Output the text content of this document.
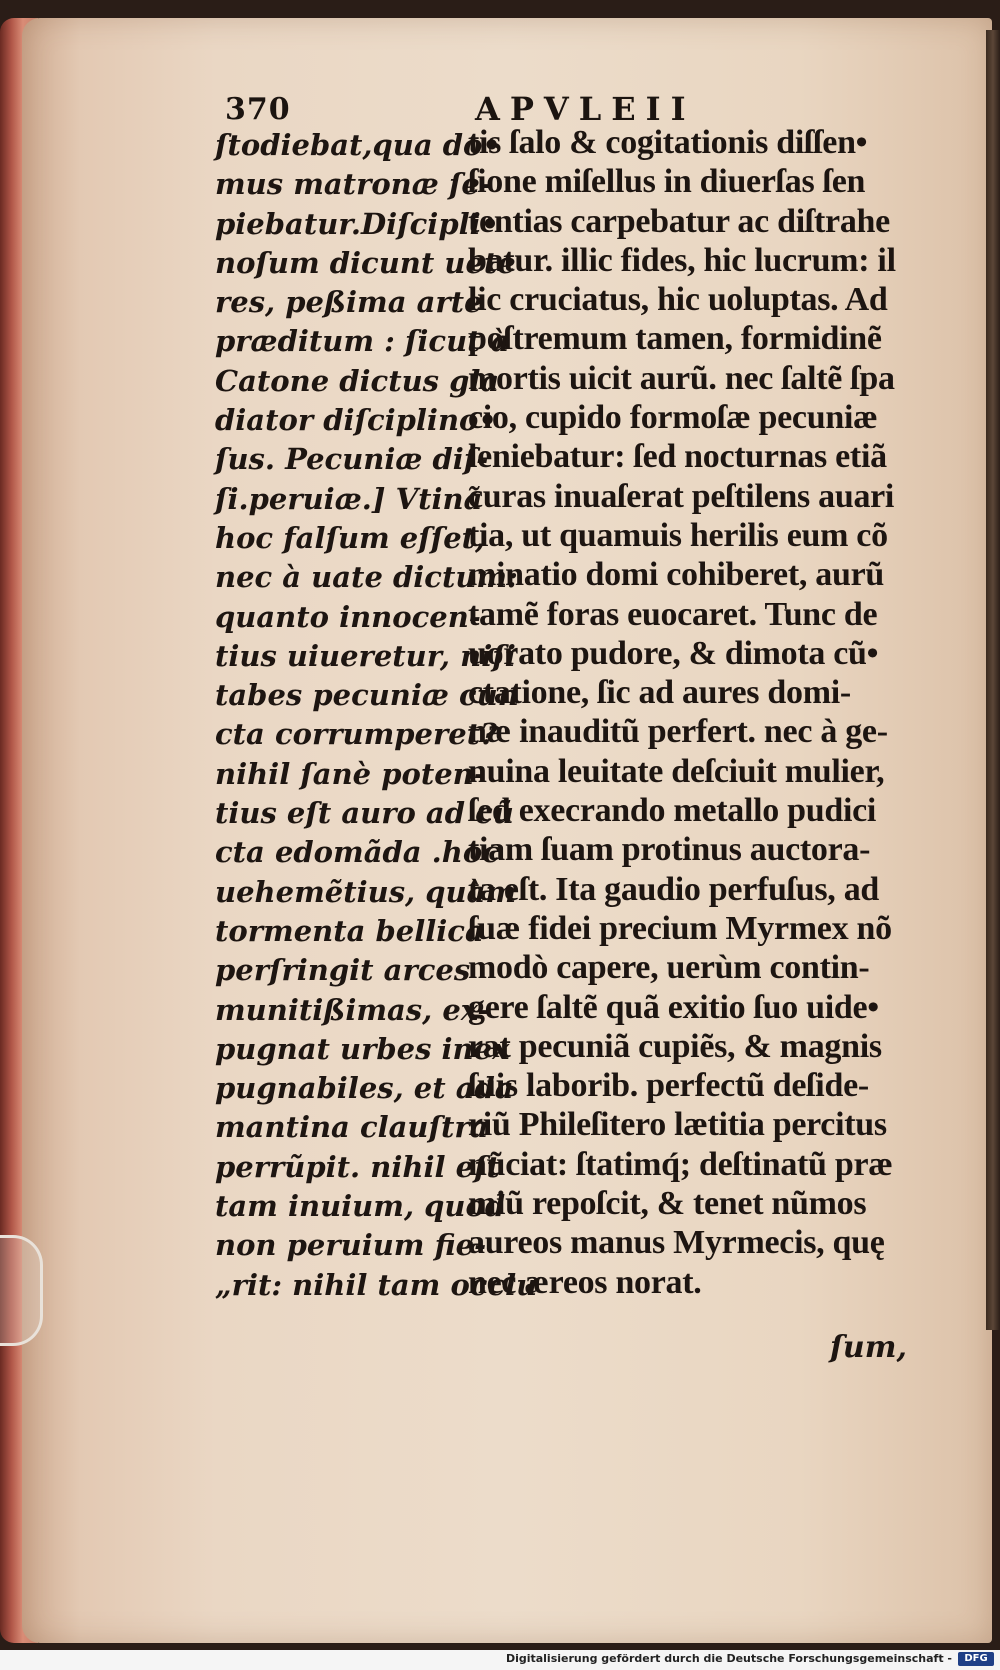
370	APVLEII
ſtodiebat,qua do•
mus matronæ ſe-
piebatur.Diſcipli•
noſum dicunt uete
res, peßima arte
præditum : ſicut à
Catone dictus gla
diator diſciplino•
ſus. Pecuniæ diſ-
ſi.peruiæ.] Vtinã
hoc falſum eſſet,
nec à uate dictum:
quanto innocen-
tius uiueretur, niſi
tabes pecuniæ cun
cta corrumperet?
nihil ſanè poten-
tius eſt auro ad cũ
cta edomãda .hoc
uehemẽtius, quàm
tormenta bellica
perſringit arces
munitißimas, ex-
pugnat urbes inex
pugnabiles, et ada
mantina clauſtra
perrũpit. nihil eſt
tam inuium, quod
non peruium fie-
„rit: nihil tam occlu
tis ſalo & cogitationis diſſen•
ſione miſellus in diuerſas ſen
tentias carpebatur ac diſtrahe
batur. illic fides, hic lucrum: il
lic cruciatus, hic uoluptas. Ad
poſtremum tamen, formidinẽ
mortis uicit aurũ. nec ſaltẽ ſpa
cio, cupido formoſæ pecuniæ
leniebatur: ſed nocturnas etiã
curas inuaſerat peſtilens auari
tia, ut quamuis herilis eum cõ
minatio domi cohiberet, aurũ
tamẽ foras euocaret. Tunc de
uorato pudore, & dimota cũ•
ctatione, ſic ad aures domi-
næ inauditũ perfert. nec à ge-
nuina leuitate deſciuit mulier,
ſed execrando metallo pudici
tiam ſuam protinus auctora-
ta eſt. Ita gaudio perfuſus, ad
ſuæ fidei precium Myrmex nõ
modò capere, uerùm contin-
gere ſaltẽ quã exitio ſuo uide•
rat pecuniã cupiẽs, & magnis
ſuis laborib. perfectũ deſide-
riũ Phileſitero lætitia percitus
nũciat: ſtatimq́; deſtinatũ præ
miũ repoſcit, & tenet nũmos
aureos manus Myrmecis, quę
nec æreos norat.
ſum,
Digitalisierung gefördert durch die Deutsche Forschungsgemeinschaft -	DFG
